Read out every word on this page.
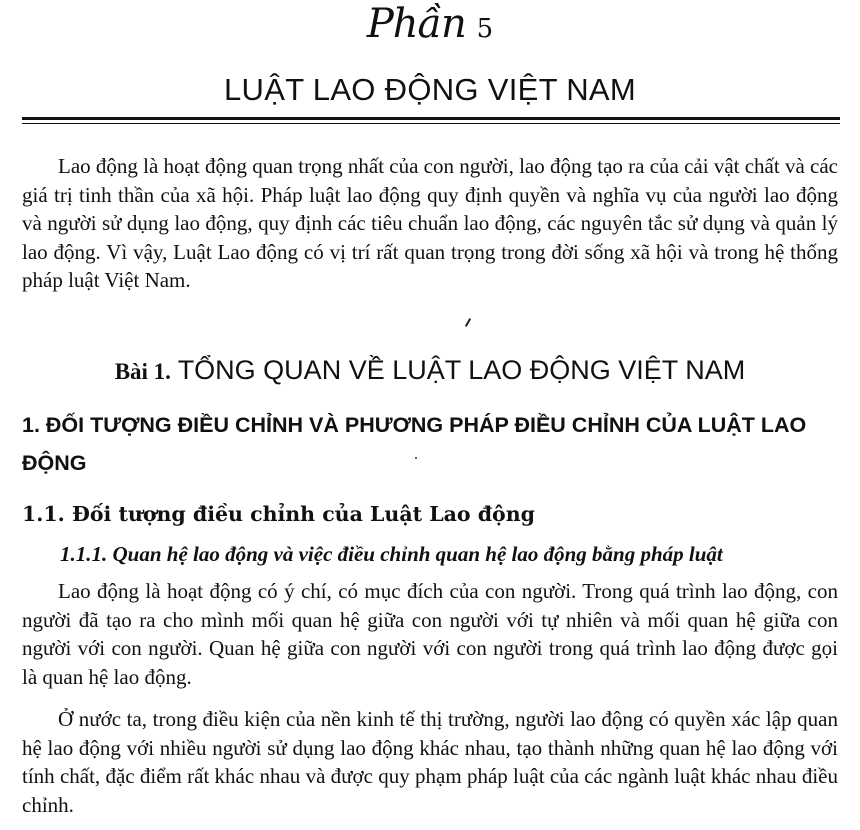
Phần 5
LUẬT LAO ĐỘNG VIỆT NAM

Lao động là hoạt động quan trọng nhất của con người, lao động tạo ra của cải vật chất và các giá trị tinh thần của xã hội. Pháp luật lao động quy định quyền và nghĩa vụ của người lao động và người sử dụng lao động, quy định các tiêu chuẩn lao động, các nguyên tắc sử dụng và quản lý lao động. Vì vậy, Luật Lao động có vị trí rất quan trọng trong đời sống xã hội và trong hệ thống pháp luật Việt Nam.

Bài 1. TỔNG QUAN VỀ LUẬT LAO ĐỘNG VIỆT NAM
1. ĐỐI TƯỢNG ĐIỀU CHỈNH VÀ PHƯƠNG PHÁP ĐIỀU CHỈNH CỦA LUẬT LAO ĐỘNG
1.1. Đối tượng điều chỉnh của Luật Lao động
1.1.1. Quan hệ lao động và việc điều chỉnh quan hệ lao động bằng pháp luật

Lao động là hoạt động có ý chí, có mục đích của con người. Trong quá trình lao động, con người đã tạo ra cho mình mối quan hệ giữa con người với tự nhiên và mối quan hệ giữa con người với con người. Quan hệ giữa con người với con người trong quá trình lao động được gọi là quan hệ lao động.

Ở nước ta, trong điều kiện của nền kinh tế thị trường, người lao động có quyền xác lập quan hệ lao động với nhiều người sử dụng lao động khác nhau, tạo thành những quan hệ lao động với tính chất, đặc điểm rất khác nhau và được quy phạm pháp luật của các ngành luật khác nhau điều chỉnh.
